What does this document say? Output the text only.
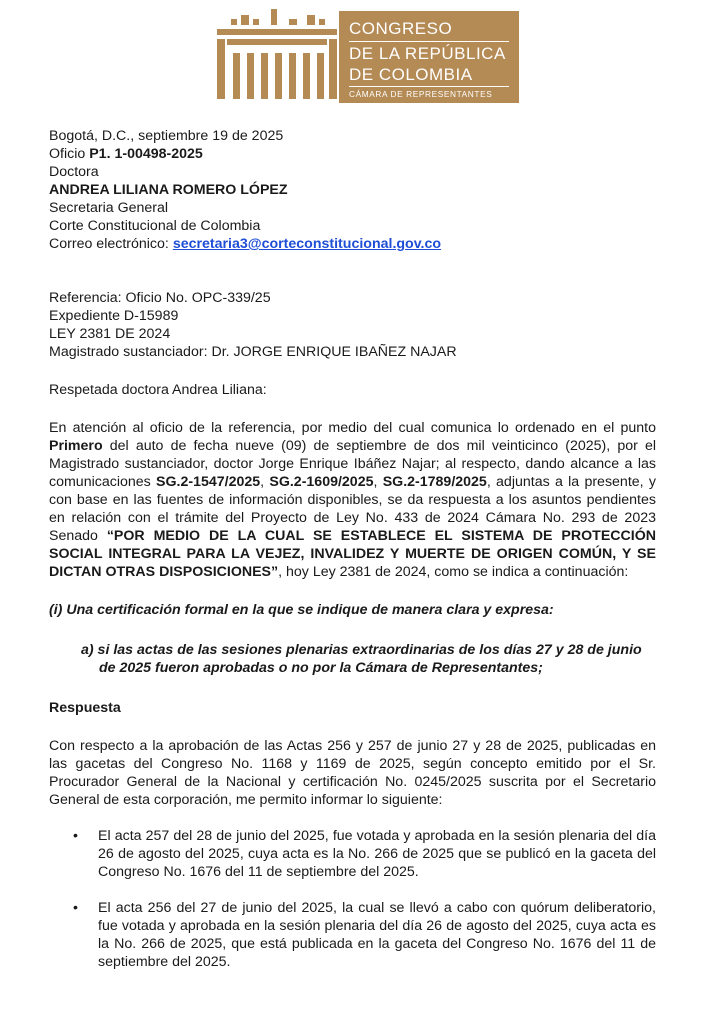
CONGRESO
DE LA REPÚBLICA
DE COLOMBIA
CÁMARA DE REPRESENTANTES

Bogotá, D.C., septiembre 19 de 2025

Oficio P1. 1-00498-2025

Doctora

ANDREA LILIANA ROMERO LÓPEZ

Secretaria General

Corte Constitucional de Colombia

Correo electrónico: secretaria3@corteconstitucional.gov.co

Referencia: Oficio No. OPC-339/25

Expediente D-15989

LEY 2381 DE 2024

Magistrado sustanciador: Dr. JORGE ENRIQUE IBAÑEZ NAJAR

Respetada doctora Andrea Liliana:

En atención al oficio de la referencia, por medio del cual comunica lo ordenado en el punto Primero del auto de fecha nueve (09) de septiembre de dos mil veinticinco (2025), por el Magistrado sustanciador, doctor Jorge Enrique Ibáñez Najar; al respecto, dando alcance a las comunicaciones SG.2-1547/2025, SG.2-1609/2025, SG.2-1789/2025, adjuntas a la presente, y con base en las fuentes de información disponibles, se da respuesta a los asuntos pendientes en relación con el trámite del Proyecto de Ley No. 433 de 2024 Cámara No. 293 de 2023 Senado “POR MEDIO DE LA CUAL SE ESTABLECE EL SISTEMA DE PROTECCIÓN SOCIAL INTEGRAL PARA LA VEJEZ, INVALIDEZ Y MUERTE DE ORIGEN COMÚN, Y SE DICTAN OTRAS DISPOSICIONES”, hoy Ley 2381 de 2024, como se indica a continuación:

(i) Una certificación formal en la que se indique de manera clara y expresa:

a) si las actas de las sesiones plenarias extraordinarias de los días 27 y 28 de junio de 2025 fueron aprobadas o no por la Cámara de Representantes;

Respuesta

Con respecto a la aprobación de las Actas 256 y 257 de junio 27 y 28 de 2025, publicadas en las gacetas del Congreso No. 1168 y 1169 de 2025, según concepto emitido por el Sr. Procurador General de la Nacional y certificación No. 0245/2025 suscrita por el Secretario General de esta corporación, me permito informar lo siguiente:

• El acta 257 del 28 de junio del 2025, fue votada y aprobada en la sesión plenaria del día 26 de agosto del 2025, cuya acta es la No. 266 de 2025 que se publicó en la gaceta del Congreso No. 1676 del 11 de septiembre del 2025.
• El acta 256 del 27 de junio del 2025, la cual se llevó a cabo con quórum deliberatorio, fue votada y aprobada en la sesión plenaria del día 26 de agosto del 2025, cuya acta es la No. 266 de 2025, que está publicada en la gaceta del Congreso No. 1676 del 11 de septiembre del 2025.
